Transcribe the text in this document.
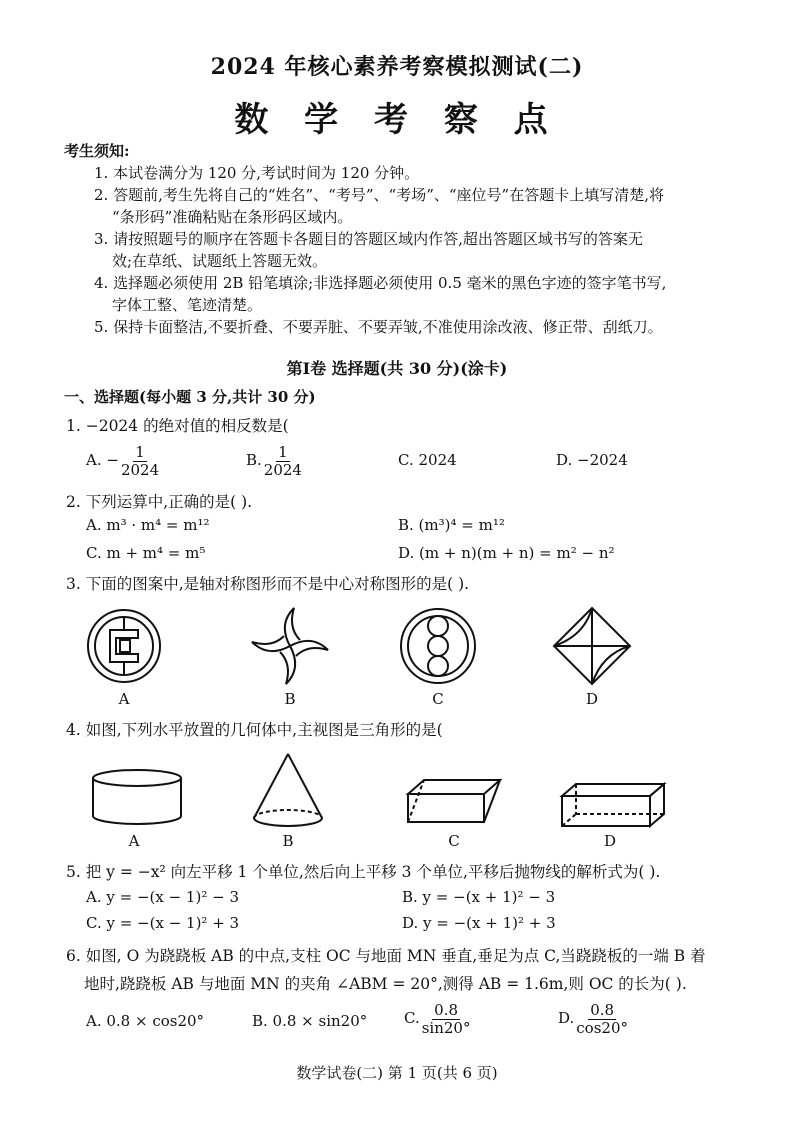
2024 年核心素养考察模拟测试(二)
数 学 考 察 点
考生须知:
1. 本试卷满分为 120 分,考试时间为 120 分钟。
2. 答题前,考生先将自己的“姓名”、“考号”、“考场”、“座位号”在答题卡上填写清楚,将
“条形码”准确粘贴在条形码区域内。
3. 请按照题号的顺序在答题卡各题目的答题区域内作答,超出答题区域书写的答案无
效;在草纸、试题纸上答题无效。
4. 选择题必须使用 2B 铅笔填涂;非选择题必须使用 0.5 毫米的黑色字迹的签字笔书写,
字体工整、笔迹清楚。
5. 保持卡面整洁,不要折叠、不要弄脏、不要弄皱,不准使用涂改液、修正带、刮纸刀。
第Ⅰ卷 选择题(共 30 分)(涂卡)
一、选择题(每小题 3 分,共计 30 分)
1. −2024 的绝对值的相反数是(
A. − $\frac{1}{2024}$	B. $\frac{1}{2024}$	C. 2024	D. −2024
2. 下列运算中,正确的是( ).
A. m³ · m⁴ = m¹²	B. (m³)⁴ = m¹²
C. m + m⁴ = m⁵	D. (m + n)(m + n) = m² − n²
3. 下面的图案中,是轴对称图形而不是中心对称图形的是( ).
A	B	C	D
4. 如图,下列水平放置的几何体中,主视图是三角形的是(
A	B	C	D
5. 把 y = −x² 向左平移 1 个单位,然后向上平移 3 个单位,平移后抛物线的解析式为( ).
A. y = −(x − 1)² − 3	B. y = −(x + 1)² − 3
C. y = −(x − 1)² + 3	D. y = −(x + 1)² + 3
6. 如图, O 为跷跷板 AB 的中点,支柱 OC 与地面 MN 垂直,垂足为点 C,当跷跷板的一端 B 着
地时,跷跷板 AB 与地面 MN 的夹角 ∠ABM = 20°,测得 AB = 1.6m,则 OC 的长为( ).
A. 0.8 × cos20°	B. 0.8 × sin20° C. $\frac{0.8}{\sin 20^\circ}$	D. $\frac{0.8}{\cos 20^\circ}$
数学试卷(二) 第 1 页(共 6 页)
